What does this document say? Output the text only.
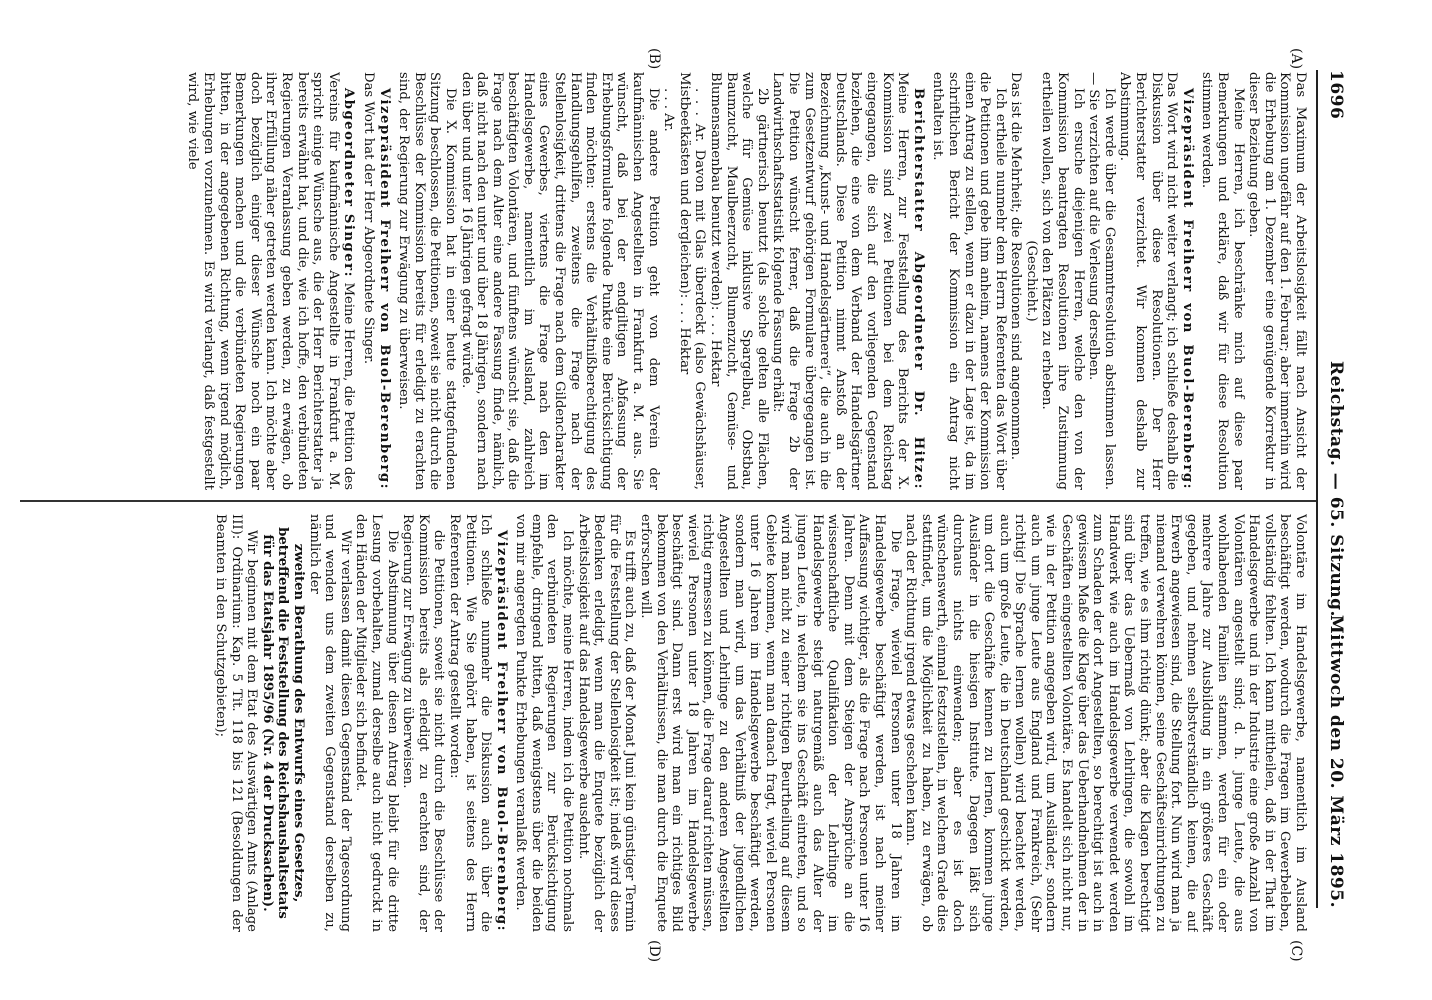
1696
Reichstag. — 65. Sitzung.
Mittwoch den 20. März 1895.
(A)
(B)
(C)
(D)

Das Maximum der Arbeitslosigkeit fällt nach Ansicht der Kommission ungefähr auf den 1. Februar; aber immerhin wird die Erhebung am 1. Dezember eine genügende Korrektur in dieser Beziehung geben.

Meine Herren, ich beschränke mich auf diese paar Bemerkungen und erkläre, daß wir für diese Resolution stimmen werden.

Vizepräsident Freiherr von Buol-Berenberg: Das Wort wird nicht weiter verlangt; ich schließe deshalb die Diskussion über diese Resolutionen. Der Herr Berichterstatter verzichtet. Wir kommen deshalb zur Abstimmung.

Ich werde über die Gesammtresolution abstimmen lassen. — Sie verzichten auf die Verlesung derselben.

Ich ersuche diejenigen Herren, welche den von der Kommission beantragten Resolutionen ihre Zustimmung ertheilen wollen, sich von den Plätzen zu erheben.

(Geschieht.)

Das ist die Mehrheit; die Resolutionen sind angenommen.

Ich ertheile nunmehr dem Herrn Referenten das Wort über die Petitionen und gebe ihm anheim, namens der Kommission einen Antrag zu stellen, wenn er dazu in der Lage ist, da im schriftlichen Bericht der Kommission ein Antrag nicht enthalten ist.

Berichterstatter Abgeordneter Dr. Hitze: Meine Herren, zur Feststellung des Berichts der X. Kommission sind zwei Petitionen bei dem Reichstag eingegangen, die sich auf den vorliegenden Gegenstand beziehen, die eine von dem Verband der Handelsgärtner Deutschlands. Diese Petition nimmt Anstoß an der Bezeichnung „Kunst- und Handelsgärtnerei“, die auch in die zum Gesetzentwurf gehörigen Formulare übergegangen ist. Die Petition wünscht ferner, daß die Frage 2b der Landwirthschaftsstatistik folgende Fassung erhält:

2b gärtnerisch benutzt (als solche gelten alle Flächen, welche für Gemüse inklusive Spargelbau, Obstbau, Baumzucht, Maulbeerzucht, Blumenzucht, Gemüse- und Blumensamenbau benutzt werden): . . . Hektar

. . . Ar. Davon mit Glas überdeckt (also Gewächshäuser, Mistbeetkästen und dergleichen): . . . Hektar

. . . Ar.

Die andere Petition geht von dem Verein der kaufmännischen Angestellten in Frankfurt a. M. aus. Sie wünscht, daß bei der endgiltigen Abfassung der Erhebungsformulare folgende Punkte eine Berücksichtigung finden möchten: erstens die Verhältnißberechtigung des Handlungsgehilfen, zweitens die Frage nach der Stellenlosigkeit, drittens die Frage nach dem Gildencharakter eines Gewerbes, viertens die Frage nach den im Handelsgewerbe, namentlich im Ausland, zahlreich beschäftigten Volontären, und fünftens wünscht sie, daß die Frage nach dem Alter eine andere Fassung finde, nämlich, daß nicht nach den unter und über 18 Jährigen, sondern nach den über und unter 16 Jährigen gefragt würde.

Die X. Kommission hat in einer heute stattgefundenen Sitzung beschlossen, die Petitionen, soweit sie nicht durch die Beschlüsse der Kommission bereits für erledigt zu erachten sind, der Regierung zur Erwägung zu überweisen.

Vizepräsident Freiherr von Buol-Berenberg: Das Wort hat der Herr Abgeordnete Singer.

Abgeordneter Singer: Meine Herren, die Petition des Vereins für kaufmännische Angestellte in Frankfurt a. M. spricht einige Wünsche aus, die der Herr Berichterstatter ja bereits erwähnt hat, und die, wie ich hoffe, den verbündeten Regierungen Veranlassung geben werden, zu erwägen, ob ihrer Erfüllung näher getreten werden kann. Ich möchte aber doch bezüglich einiger dieser Wünsche noch ein paar Bemerkungen machen und die verbündeten Regierungen bitten, in der angegebenen Richtung, wenn irgend möglich, Erhebungen vorzunehmen. Es wird verlangt, daß festgestellt wird, wie viele

Volontäre im Handelsgewerbe, namentlich im Ausland beschäftigt werden, wodurch die Fragen im Gewerbeleben, vollständig fehlten. Ich kann mittheilen, daß in der That im Handelsgewerbe und in der Industrie eine große Anzahl von Volontären angestellt sind; d. h. junge Leute, die aus wohlhabenden Familien stammen, werden für ein oder mehrere Jahre zur Ausbildung in ein größeres Geschäft gegeben, und nehmen selbstverständlich keinen, die auf Erwerb angewiesen sind, die Stellung fort. Nun wird man ja niemand verwehren können, seine Geschäftseinrichtungen zu treffen, wie es ihm richtig dünkt; aber die Klagen berechtigt sind über das Uebermaß von Lehrlingen, die sowohl im Handwerk wie auch im Handelsgewerbe verwendet werden zum Schaden der dort Angestellten, so berechtigt ist auch in gewissem Maße die Klage über das Ueberhandnehmen der in Geschäften eingestellten Volontäre. Es handelt sich nicht nur, wie in der Petition angegeben wird, um Ausländer, sondern auch um junge Leute aus England und Frankreich, (Sehr richtig! Die Sprache lernen wollen) wird beachtet werden, auch um große Leute, die in Deutschland geschickt werden, um dort die Geschäfte kennen zu lernen, kommen junge Ausländer in die hiesigen Institute. Dagegen läßt sich durchaus nichts einwenden; aber es ist doch wünschenswerth, einmal festzustellen, in welchem Grade dies stattfindet, um die Möglichkeit zu haben, zu erwägen, ob nach der Richtung irgend etwas geschehen kann.

Die Frage, wieviel Personen unter 18 Jahren im Handelsgewerbe beschäftigt werden, ist nach meiner Auffassung wichtiger, als die Frage nach Personen unter 16 Jahren. Denn mit dem Steigen der Ansprüche an die wissenschaftliche Qualifikation der Lehrlinge im Handelsgewerbe steigt naturgemäß auch das Alter der jungen Leute, in welchem sie ins Geschäft eintreten, und so wird man nicht zu einer richtigen Beurtheilung auf diesem Gebiete kommen, wenn man danach fragt, wieviel Personen unter 16 Jahren im Handelsgewerbe beschäftigt werden, sondern man wird, um das Verhältniß der jugendlichen Angestellten und Lehrlinge zu den anderen Angestellten richtig ermessen zu können, die Frage darauf richten müssen, wieviel Personen unter 18 Jahren im Handelsgewerbe beschäftigt sind. Dann erst wird man ein richtiges Bild bekommen von den Verhältnissen, die man durch die Enquete erforschen will.

Es trifft auch zu, daß der Monat Juni kein günstiger Termin für die Feststellung der Stellenlosigkeit ist; indeß wird dieses Bedenken erledigt, wenn man die Enquete bezüglich der Arbeitslosigkeit auf das Handelsgewerbe ausdehnt.

Ich möchte, meine Herren, indem ich die Petition nochmals den verbündeten Regierungen zur Berücksichtigung empfehle, dringend bitten, daß wenigstens über die beiden von mir angeregten Punkte Erhebungen veranlaßt werden.

Vizepräsident Freiherr von Buol-Berenberg: Ich schließe nunmehr die Diskussion auch über die Petitionen. Wie Sie gehört haben, ist seitens des Herrn Referenten der Antrag gestellt worden:

die Petitionen, soweit sie nicht durch die Beschlüsse der Kommission bereits als erledigt zu erachten sind, der Regierung zur Erwägung zu überweisen.

Die Abstimmung über diesen Antrag bleibt für die dritte Lesung vorbehalten, zumal derselbe auch nicht gedruckt in den Händen der Mitglieder sich befindet.

Wir verlassen damit diesen Gegenstand der Tagesordnung und wenden uns dem zweiten Gegenstand derselben zu, nämlich der

zweiten Berathung des Entwurfs eines Gesetzes, betreffend die Feststellung des Reichshaushaltsetats für das Etatsjahr 1895/96 (Nr. 4 der Drucksachen).

Wir beginnen mit dem Etat des Auswärtigen Amts (Anlage III): Ordinarium: Kap. 5 Tit. 118 bis 121 (Besoldungen der Beamten in den Schutzgebieten);
